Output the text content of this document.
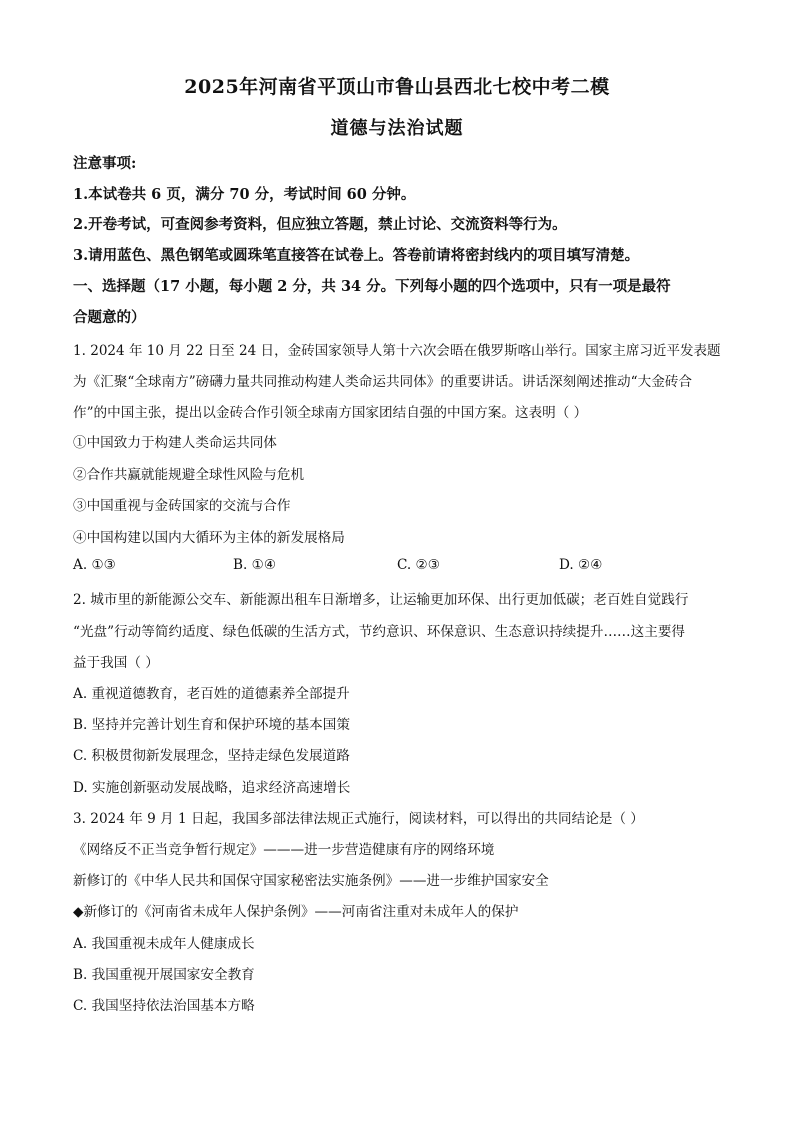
2025年河南省平顶山市鲁山县西北七校中考二模
道德与法治试题
注意事项:
1.本试卷共 6 页，满分 70 分，考试时间 60 分钟。
2.开卷考试，可查阅参考资料，但应独立答题，禁止讨论、交流资料等行为。
3.请用蓝色、黑色钢笔或圆珠笔直接答在试卷上。答卷前请将密封线内的项目填写清楚。
一、选择题（17 小题，每小题 2 分，共 34 分。下列每小题的四个选项中，只有一项是最符
合题意的）
1. 2024 年 10 月 22 日至 24 日，金砖国家领导人第十六次会晤在俄罗斯喀山举行。国家主席习近平发表题
为《汇聚“全球南方”磅礴力量共同推动构建人类命运共同体》的重要讲话。讲话深刻阐述推动“大金砖合
作”的中国主张，提出以金砖合作引领全球南方国家团结自强的中国方案。这表明（ ）
①中国致力于构建人类命运共同体
②合作共赢就能规避全球性风险与危机
③中国重视与金砖国家的交流与合作
④中国构建以国内大循环为主体的新发展格局
A. ①③	B. ①④	C. ②③	D. ②④
2. 城市里的新能源公交车、新能源出租车日渐增多，让运输更加环保、出行更加低碳；老百姓自觉践行
“光盘”行动等简约适度、绿色低碳的生活方式，节约意识、环保意识、生态意识持续提升……这主要得
益于我国（ ）
A. 重视道德教育，老百姓的道德素养全部提升
B. 坚持并完善计划生育和保护环境的基本国策
C. 积极贯彻新发展理念，坚持走绿色发展道路
D. 实施创新驱动发展战略，追求经济高速增长
3. 2024 年 9 月 1 日起，我国多部法律法规正式施行，阅读材料，可以得出的共同结论是（ ）
《网络反不正当竞争暂行规定》———进一步营造健康有序的网络环境
新修订的《中华人民共和国保守国家秘密法实施条例》——进一步维护国家安全
◆新修订的《河南省未成年人保护条例》——河南省注重对未成年人的保护
A. 我国重视未成年人健康成长
B. 我国重视开展国家安全教育
C. 我国坚持依法治国基本方略
